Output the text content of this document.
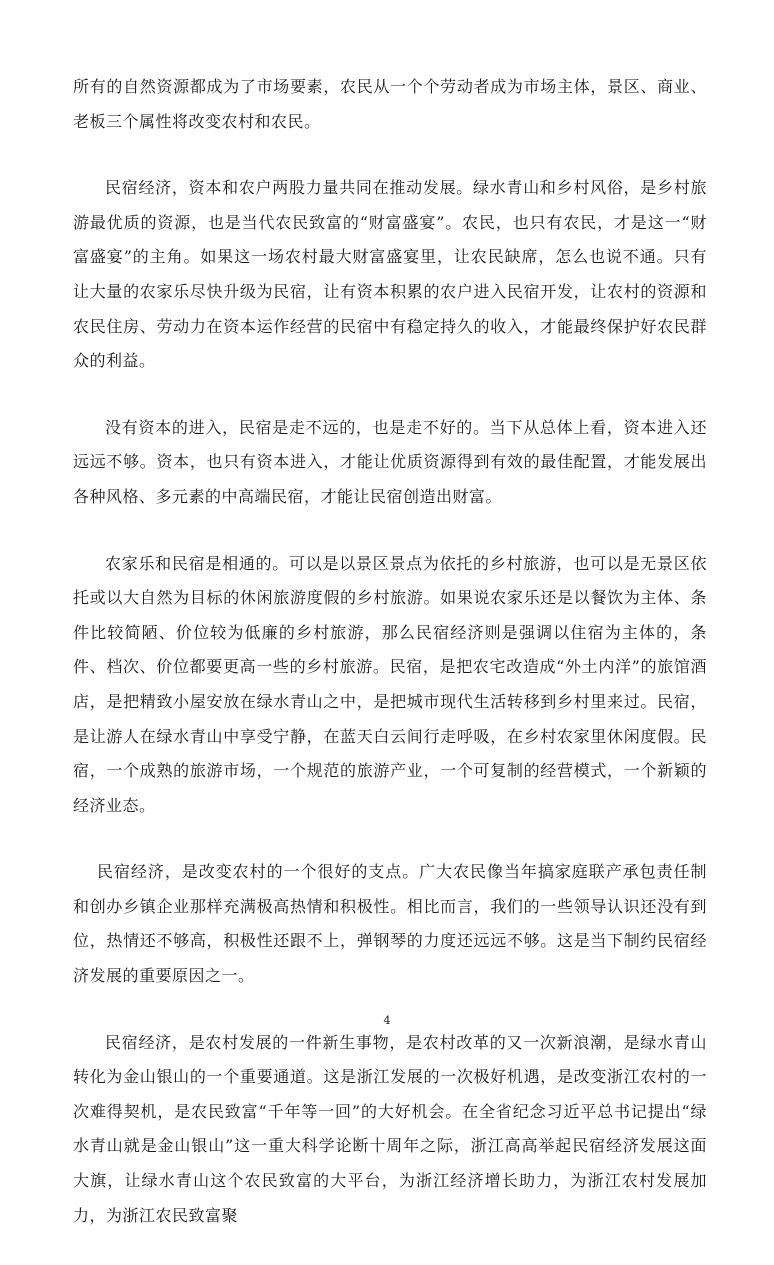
所有的自然资源都成为了市场要素，农民从一个个劳动者成为市场主体，景区、商业、老板三个属性将改变农村和农民。

民宿经济，资本和农户两股力量共同在推动发展。绿水青山和乡村风俗，是乡村旅游最优质的资源，也是当代农民致富的“财富盛宴”。农民，也只有农民，才是这一“财富盛宴”的主角。如果这一场农村最大财富盛宴里，让农民缺席，怎么也说不通。只有让大量的农家乐尽快升级为民宿，让有资本积累的农户进入民宿开发，让农村的资源和农民住房、劳动力在资本运作经营的民宿中有稳定持久的收入，才能最终保护好农民群众的利益。

没有资本的进入，民宿是走不远的，也是走不好的。当下从总体上看，资本进入还远远不够。资本，也只有资本进入，才能让优质资源得到有效的最佳配置，才能发展出各种风格、多元素的中高端民宿，才能让民宿创造出财富。

农家乐和民宿是相通的。可以是以景区景点为依托的乡村旅游，也可以是无景区依托或以大自然为目标的休闲旅游度假的乡村旅游。如果说农家乐还是以餐饮为主体、条件比较简陋、价位较为低廉的乡村旅游，那么民宿经济则是强调以住宿为主体的，条件、档次、价位都要更高一些的乡村旅游。民宿，是把农宅改造成“外土内洋”的旅馆酒店，是把精致小屋安放在绿水青山之中，是把城市现代生活转移到乡村里来过。民宿，是让游人在绿水青山中享受宁静，在蓝天白云间行走呼吸，在乡村农家里休闲度假。民宿，一个成熟的旅游市场，一个规范的旅游产业，一个可复制的经营模式，一个新颖的经济业态。

民宿经济，是改变农村的一个很好的支点。广大农民像当年搞家庭联产承包责任制和创办乡镇企业那样充满极高热情和积极性。相比而言，我们的一些领导认识还没有到位，热情还不够高，积极性还跟不上，弹钢琴的力度还远远不够。这是当下制约民宿经济发展的重要原因之一。

民宿经济，是农村发展的一件新生事物，是农村改革的又一次新浪潮，是绿水青山转化为金山银山的一个重要通道。这是浙江发展的一次极好机遇，是改变浙江农村的一次难得契机，是农民致富“千年等一回”的大好机会。在全省纪念习近平总书记提出“绿水青山就是金山银山”这一重大科学论断十周年之际，浙江高高举起民宿经济发展这面大旗，让绿水青山这个农民致富的大平台，为浙江经济增长助力，为浙江农村发展加力，为浙江农民致富聚

4
